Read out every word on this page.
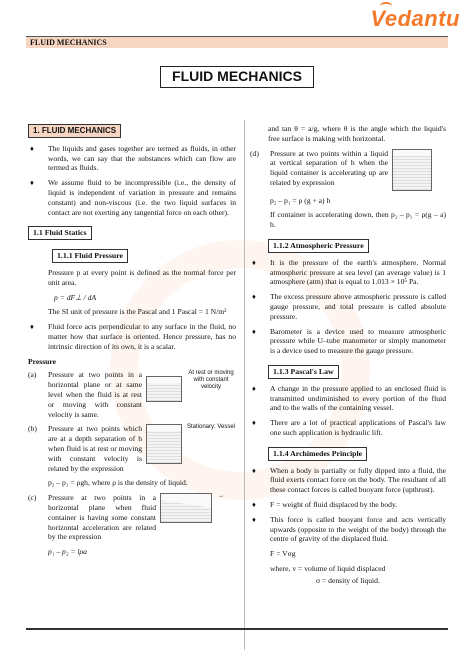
Vedantu
FLUID MECHANICS
FLUID MECHANICS
1. FLUID MECHANICS
♦	The liquids and gases together are termed as fluids, in other words, we can say that the substances which can flow are termed as fluids.
♦	We assume fluid to be incompressible (i.e., the density of liquid is independent of variation in pressure and remains constant) and non-viscous (i.e. the two liquid surfaces in contact are not exerting any tangential force on each other).
1.1 Fluid Statics
1.1.1 Fluid Pressure

Pressure p at every point is defined as the normal force per unit area.

p = dF⊥ / dA

The SI unit of pressure is the Pascal and 1 Pascal = 1 N/m²

♦	Fluid force acts perpendicular to any surface in the fluid, no matter how that surface is oriented. Hence pressure, has no intrinsic direction of its own, it is a scalar.
Pressure
(a)	Pressure at two points in a horizontal plane or at same level when the fluid is at rest or moving with constant velocity is same.
At rest or moving with constant velocity
(b)	Pressure at two points which are at a depth separation of h when fluid is at rest or moving with constant velocity is related by the expression
Stationary: Vessel

p₂ – p₁ = ρgh, where ρ is the density of liquid.

(c)	Pressure at two points in a horizontal plane when fluid container is having some constant horizontal acceleration are related by the expression
→

p₁ – p₂ = lρa

and tan θ = a/g, where θ is the angle which the liquid's free surface is making with horizontal.

(d)	Pressure at two points within a liquid at vertical separation of h when the liquid container is accelerating up are related by expression

p₂ – p₁ = ρ (g + a) h

If container is accelerating down, then p₂ – p₁ = ρ(g – a) h.

1.1.2 Atmospheric Pressure
♦	It is the pressure of the earth's atmosphere. Normal atmospheric pressure at sea level (an average value) is 1 atmosphere (atm) that is equal to 1.013 × 10⁵ Pa.
♦	The excess pressure above atmospheric pressure is called gauge pressure, and total pressure is called absolute pressure.
♦	Barometer is a device used to measure atmospheric pressure while U–tube manometer or simply manometer is a device used to measure the gauge pressure.
1.1.3 Pascal's Law
♦	A change in the pressure applied to an enclosed fluid is transmitted undiminished to every portion of the fluid and to the walls of the containing vessel.
♦	There are a lot of practical applications of Pascal's law one such application is hydraulic lift.
1.1.4 Archimedes Principle
♦	When a body is partially or fully dipped into a fluid, the fluid exerts contact force on the body. The resultant of all these contact forces is called buoyant force (upthrust).
♦	F = weight of fluid displaced by the body.
♦	This force is called buoyant force and acts vertically upwards (opposite to the weight of the body) through the centre of gravity of the displaced fluid.

F = Vσg

where, v = volume of liquid displaced

σ = density of liquid.
